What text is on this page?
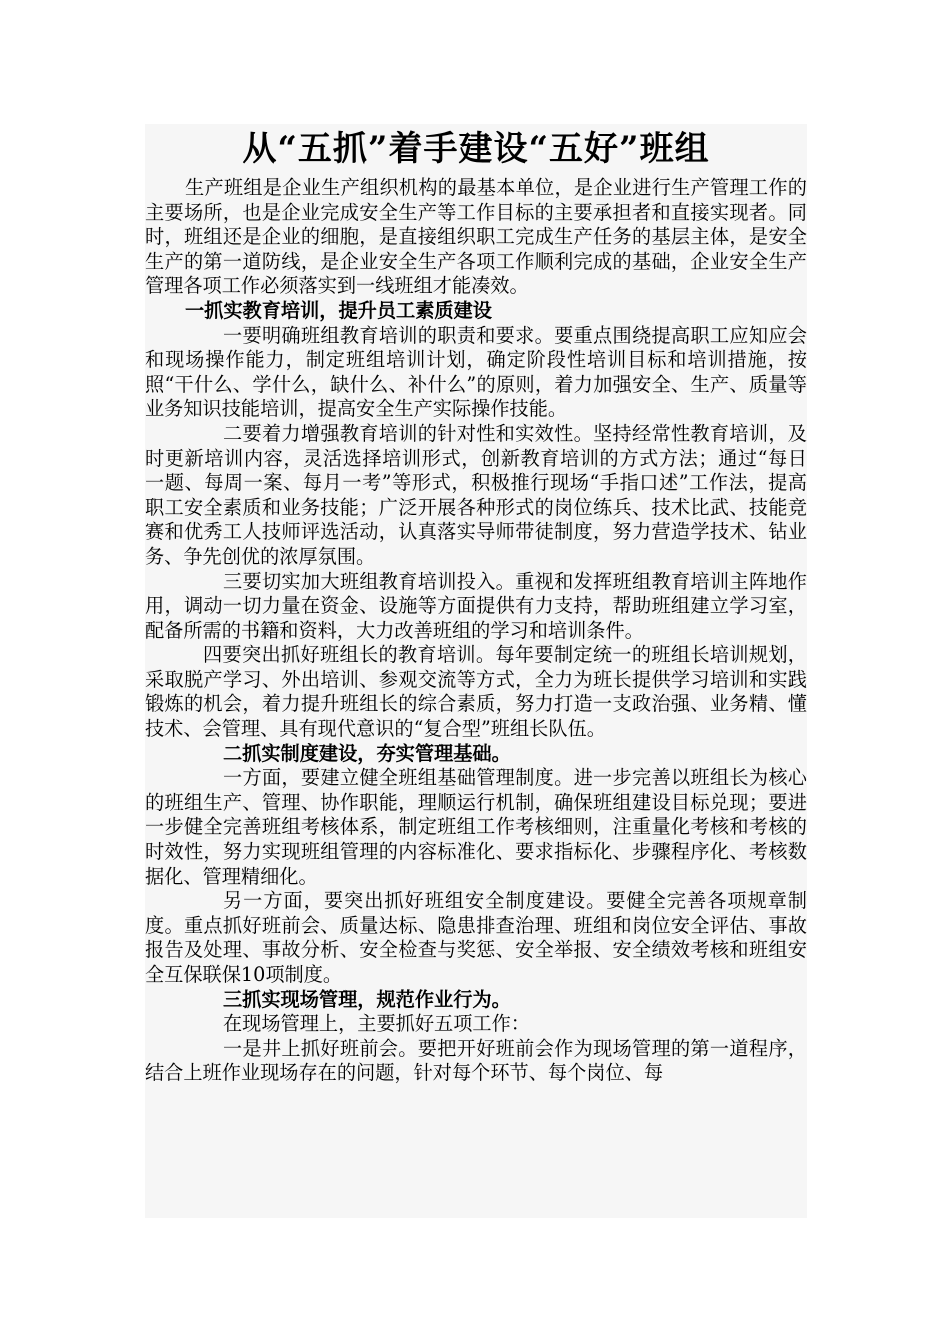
从“五抓”着手建设“五好”班组

生产班组是企业生产组织机构的最基本单位，是企业进行生产管理工作的主要场所，也是企业完成安全生产等工作目标的主要承担者和直接实现者。同时，班组还是企业的细胞，是直接组织职工完成生产任务的基层主体，是安全生产的第一道防线，是企业安全生产各项工作顺利完成的基础，企业安全生产管理各项工作必须落实到一线班组才能凑效。

一抓实教育培训，提升员工素质建设

一要明确班组教育培训的职责和要求。要重点围绕提高职工应知应会和现场操作能力，制定班组培训计划，确定阶段性培训目标和培训措施，按照“干什么、学什么，缺什么、补什么”的原则，着力加强安全、生产、质量等业务知识技能培训，提高安全生产实际操作技能。

二要着力增强教育培训的针对性和实效性。坚持经常性教育培训，及时更新培训内容，灵活选择培训形式，创新教育培训的方式方法；通过“每日一题、每周一案、每月一考”等形式，积极推行现场“手指口述”工作法，提高职工安全素质和业务技能；广泛开展各种形式的岗位练兵、技术比武、技能竞赛和优秀工人技师评选活动，认真落实导师带徒制度，努力营造学技术、钻业务、争先创优的浓厚氛围。

三要切实加大班组教育培训投入。重视和发挥班组教育培训主阵地作用，调动一切力量在资金、设施等方面提供有力支持，帮助班组建立学习室，配备所需的书籍和资料，大力改善班组的学习和培训条件。

四要突出抓好班组长的教育培训。每年要制定统一的班组长培训规划，采取脱产学习、外出培训、参观交流等方式，全力为班长提供学习培训和实践锻炼的机会，着力提升班组长的综合素质，努力打造一支政治强、业务精、懂技术、会管理、具有现代意识的“复合型”班组长队伍。

二抓实制度建设，夯实管理基础。

一方面，要建立健全班组基础管理制度。进一步完善以班组长为核心的班组生产、管理、协作职能，理顺运行机制，确保班组建设目标兑现；要进一步健全完善班组考核体系，制定班组工作考核细则，注重量化考核和考核的时效性，努力实现班组管理的内容标准化、要求指标化、步骤程序化、考核数据化、管理精细化。

另一方面，要突出抓好班组安全制度建设。要健全完善各项规章制度。重点抓好班前会、质量达标、隐患排查治理、班组和岗位安全评估、事故报告及处理、事故分析、安全检查与奖惩、安全举报、安全绩效考核和班组安全互保联保10项制度。

三抓实现场管理，规范作业行为。

在现场管理上，主要抓好五项工作：

一是井上抓好班前会。要把开好班前会作为现场管理的第一道程序，结合上班作业现场存在的问题，针对每个环节、每个岗位、每
